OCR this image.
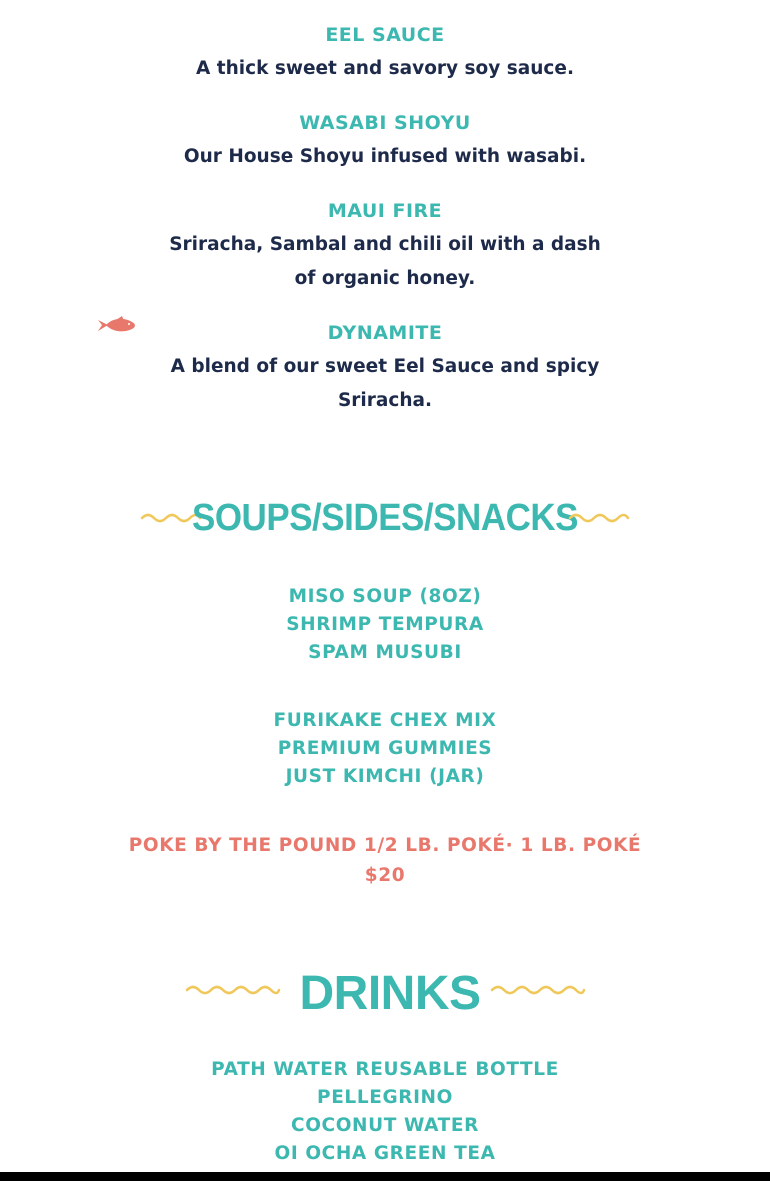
EEL SAUCE
A thick sweet and savory soy sauce.
WASABI SHOYU
Our House Shoyu infused with wasabi.
MAUI FIRE
Sriracha, Sambal and chili oil with a dash of organic honey.
DYNAMITE
A blend of our sweet Eel Sauce and spicy Sriracha.
SOUPS/SIDES/SNACKS
MISO SOUP (8OZ)
SHRIMP TEMPURA
SPAM MUSUBI
FURIKAKE CHEX MIX
PREMIUM GUMMIES
JUST KIMCHI (JAR)
POKE BY THE POUND 1/2 LB. POKÉ· 1 LB. POKÉ
$20
DRINKS
PATH WATER REUSABLE BOTTLE
PELLEGRINO
COCONUT WATER
OI OCHA GREEN TEA
